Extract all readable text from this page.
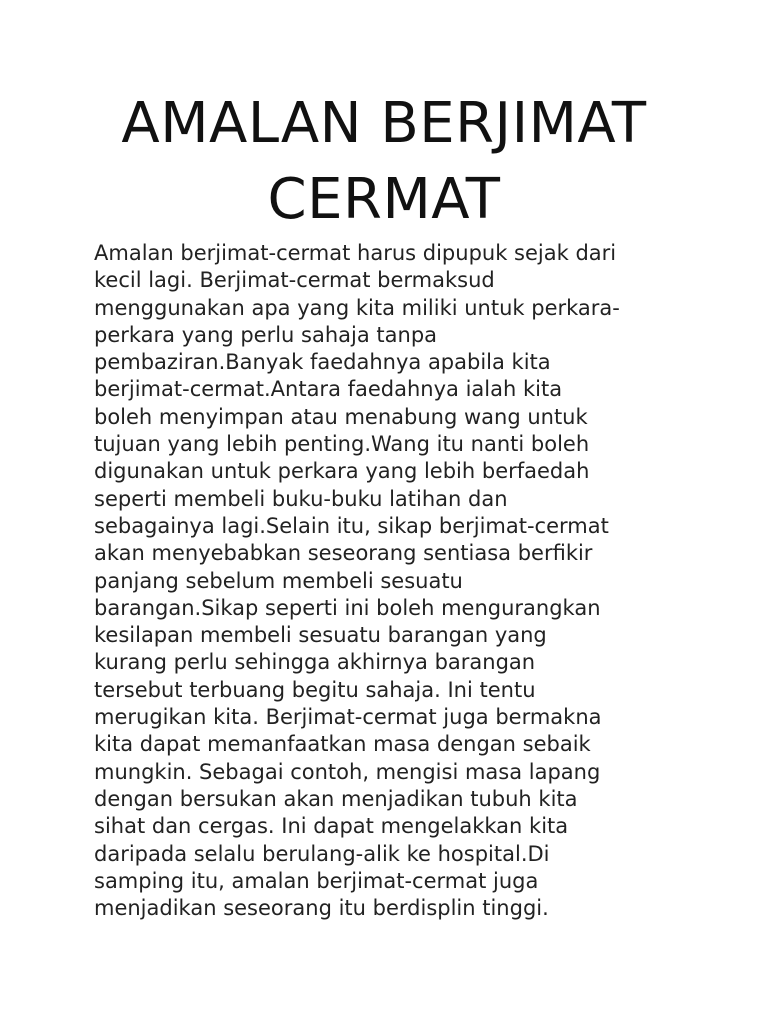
AMALAN BERJIMAT
CERMAT

Amalan berjimat-cermat harus dipupuk sejak dari
kecil lagi. Berjimat-cermat bermaksud
menggunakan apa yang kita miliki untuk perkara-
perkara yang perlu sahaja tanpa
pembaziran.Banyak faedahnya apabila kita
berjimat-cermat.Antara faedahnya ialah kita
boleh menyimpan atau menabung wang untuk
tujuan yang lebih penting.Wang itu nanti boleh
digunakan untuk perkara yang lebih berfaedah
seperti membeli buku-buku latihan dan
sebagainya lagi.Selain itu, sikap berjimat-cermat
akan menyebabkan seseorang sentiasa berfikir
panjang sebelum membeli sesuatu
barangan.Sikap seperti ini boleh mengurangkan
kesilapan membeli sesuatu barangan yang
kurang perlu sehingga akhirnya barangan
tersebut terbuang begitu sahaja. Ini tentu
merugikan kita. Berjimat-cermat juga bermakna
kita dapat memanfaatkan masa dengan sebaik
mungkin. Sebagai contoh, mengisi masa lapang
dengan bersukan akan menjadikan tubuh kita
sihat dan cergas. Ini dapat mengelakkan kita
daripada selalu berulang-alik ke hospital.Di
samping itu, amalan berjimat-cermat juga
menjadikan seseorang itu berdisplin tinggi.
